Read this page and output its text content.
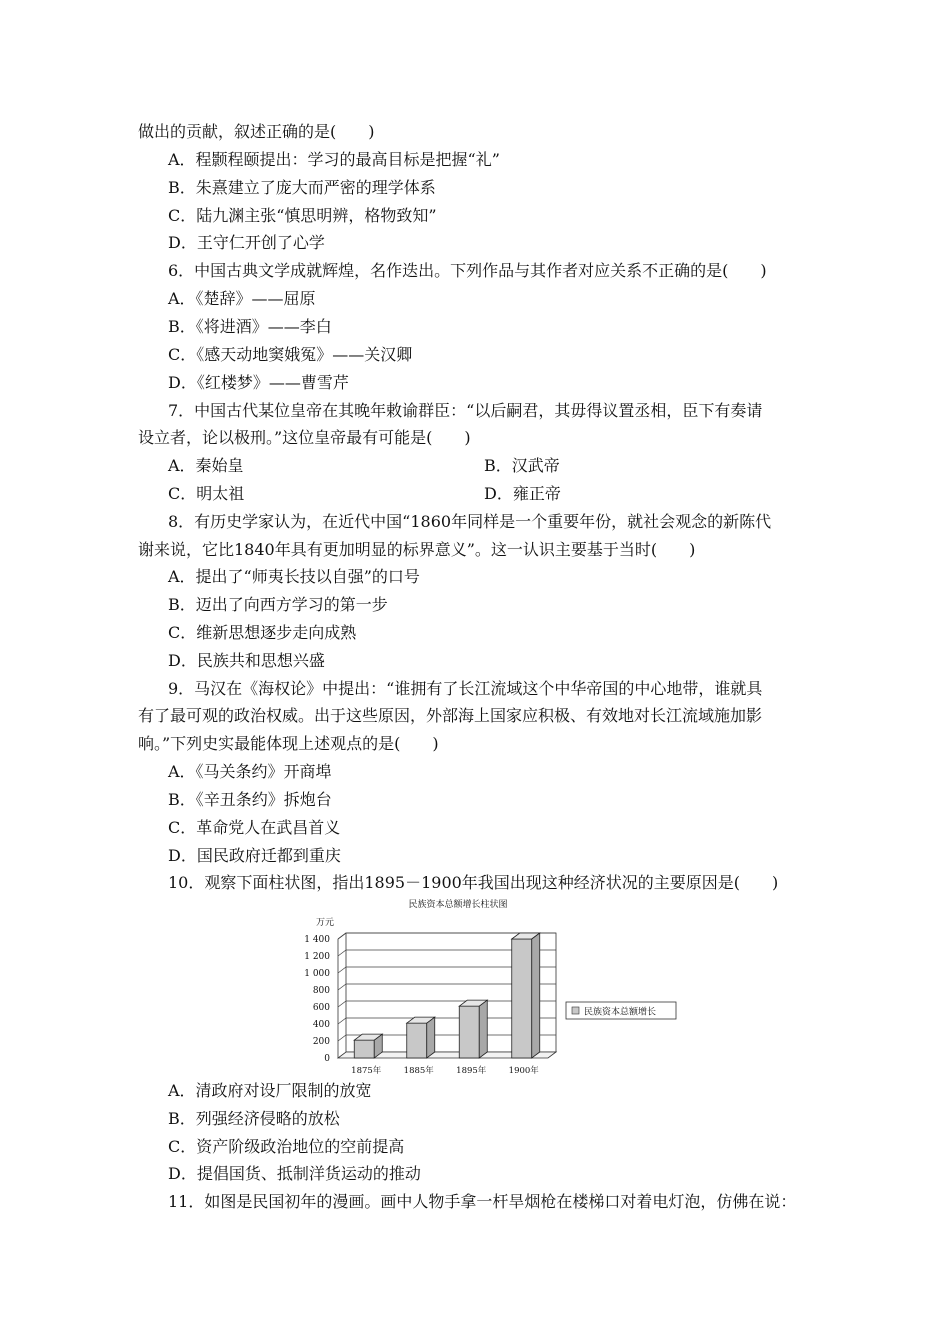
做出的贡献，叙述正确的是(　　)
A．程颢程颐提出：学习的最高目标是把握“礼”
B．朱熹建立了庞大而严密的理学体系
C．陆九渊主张“慎思明辨，格物致知”
D．王守仁开创了心学
6．中国古典文学成就辉煌，名作迭出。下列作品与其作者对应关系不正确的是(　　)
A．《楚辞》——屈原
B．《将进酒》——李白
C．《感天动地窦娥冤》——关汉卿
D．《红楼梦》——曹雪芹
7．中国古代某位皇帝在其晚年敕谕群臣：“以后嗣君，其毋得议置丞相，臣下有奏请
设立者，论以极刑。”这位皇帝最有可能是(　　)
A．秦始皇	B．汉武帝
C．明太祖	D．雍正帝
8．有历史学家认为，在近代中国“1860年同样是一个重要年份，就社会观念的新陈代
谢来说，它比1840年具有更加明显的标界意义”。这一认识主要基于当时(　　)
A．提出了“师夷长技以自强”的口号
B．迈出了向西方学习的第一步
C．维新思想逐步走向成熟
D．民族共和思想兴盛
9．马汉在《海权论》中提出：“谁拥有了长江流域这个中华帝国的中心地带，谁就具
有了最可观的政治权威。出于这些原因，外部海上国家应积极、有效地对长江流域施加影
响。”下列史实最能体现上述观点的是(　　)
A．《马关条约》开商埠
B．《辛丑条约》拆炮台
C．革命党人在武昌首义
D．国民政府迁都到重庆
10．观察下面柱状图，指出1895－1900年我国出现这种经济状况的主要原因是(　　)
民族资本总额增长柱状图
万元
0
200
400
600
800
1 000
1 200
1 400
1875年	1885年	1895年	1900年
民族资本总额增长
A．清政府对设厂限制的放宽
B．列强经济侵略的放松
C．资产阶级政治地位的空前提高
D．提倡国货、抵制洋货运动的推动
11．如图是民国初年的漫画。画中人物手拿一杆旱烟枪在楼梯口对着电灯泡，仿佛在说：
